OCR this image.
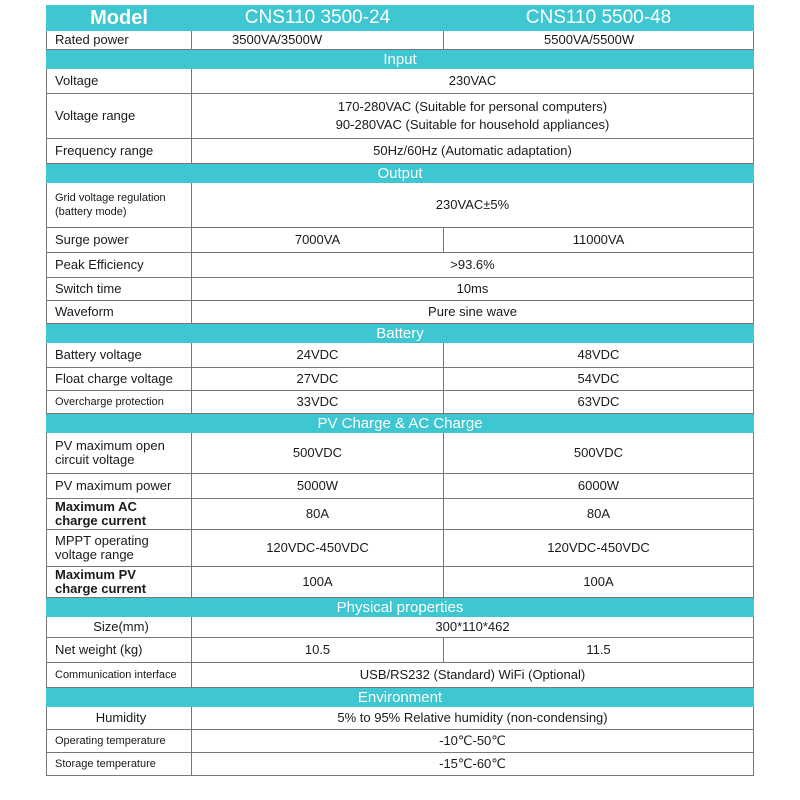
Model	CNS110 3500-24	CNS110 5500-48
Rated power	3500VA/3500W	5500VA/5500W
Input		
Voltage	230VAC	
Voltage range	170-280VAC (Suitable for personal computers)
90-280VAC (Suitable for household appliances)	

Frequency range	50Hz/60Hz (Automatic adaptation)	
Output		

Grid voltage regulation
(battery mode)	230VAC±5%	
Surge power	7000VA	11000VA
Peak Efficiency	>93.6%	
Switch time	10ms	
Waveform	Pure sine wave	
Battery		
Battery voltage	24VDC	48VDC
Float charge voltage	27VDC	54VDC
Overcharge protection	33VDC	63VDC
PV Charge & AC Charge		

PV maximum open
circuit voltage	500VDC	500VDC
PV maximum power	5000W	6000W

Maximum AC
charge current	80A	80A

MPPT operating
voltage range	120VDC-450VDC	120VDC-450VDC

Maximum PV
charge current	100A	100A
Physical properties		
Size(mm)	300*110*462	
Net weight (kg)	10.5	11.5
Communication interface	USB/RS232 (Standard) WiFi (Optional)	
Environment		
Humidity	5% to 95% Relative humidity (non-condensing)	
Operating temperature	-10℃-50℃	
Storage temperature	-15℃-60℃	
